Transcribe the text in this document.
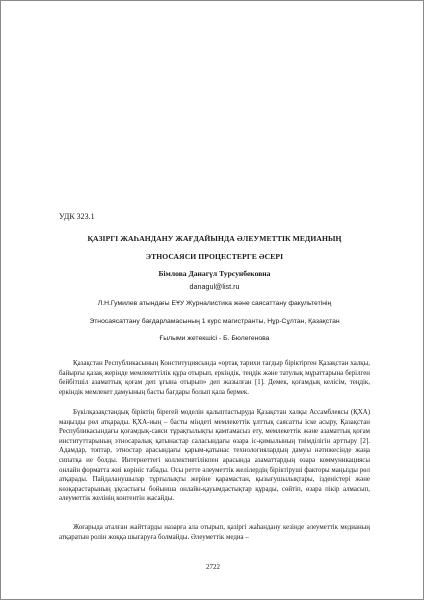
УДК 323.1
ҚАЗІРГІ ЖАҺАНДАНУ ЖАҒДАЙЫНДА ӘЛЕУМЕТТІК МЕДИАНЫҢ
ЭТНОСАЯСИ ПРОЦЕСТЕРГЕ ӘСЕРІ
Бімлова Данагүл Турсунбековна
danagul@list.ru
Л.Н.Гумилев атындағы ЕҰУ Журналистика және саясаттану факультетінің
Этносаясаттану бағдарламасының 1 курс магистранты, Нұр-Сұлтан, Қазақстан
Ғылыми жетекшісі - Б. Бюлегенова
Қазақстан Республикасының Конституциясында «ортақ тарихи тағдыр біріктірген Қазақстан халқы, байырғы қазақ жерінде мемлекеттілік құра отырып, еркіндік, теңдік және татулық мұраттарына берілген бейбітшіл азаматтық қоғам деп ұғына отырып» деп жазылған [1]. Демек, қоғамдық келісім, теңдік, еркіндік мемлекет дамуының басты бағдары болып қала бермек.
Бүкілқазақстандық біріктің бірегей моделін қалыптастыруда Қазақстан халқы Ассамблеясы (ҚХА) маңызды рөл атқарады. ҚХА-ның – басты міндеті мемлекеттік ұлттық саясатты іске асыру, Қазақстан Республикасындағы қоғамдық-саяси тұрақтылықты қамтамасыз ету, мемлекеттік және азаматтық қоғам институттарының этносаралық қатынастар саласындағы өзара іс-қимылының тиімділігін арттыру [2]. Адамдар, топтар, этностар арасындағы қарым-қатынас технологиялардың дамуы нәтижесінде жаңа сипатқа ие болды. Интернеттегі коллективтілікпен арасында азаматтардың өзара коммуникациясы онлайн форматта жиі көрініс табады. Осы ретте әлеуметтік желілердің біріктіруші факторы маңызды рөл атқарады. Пайдаланушылар тұрғылықты жеріне қарамастан, қызығушылықтары, ізденістері және көзқарастарының ұқсастығы бойынша онлайн-қауымдастықтар құрады, сөйтіп, өзара пікір алмасып, әлеуметтік желінің контентін жасайды.
Жоғарыда аталған жайттарды назарға ала отырып, қазіргі жаһандану кезінде әлеуметтік медианың атқаратын ролін жоққа шығаруға болмайды. Әлеуметтік медиа –
2722
